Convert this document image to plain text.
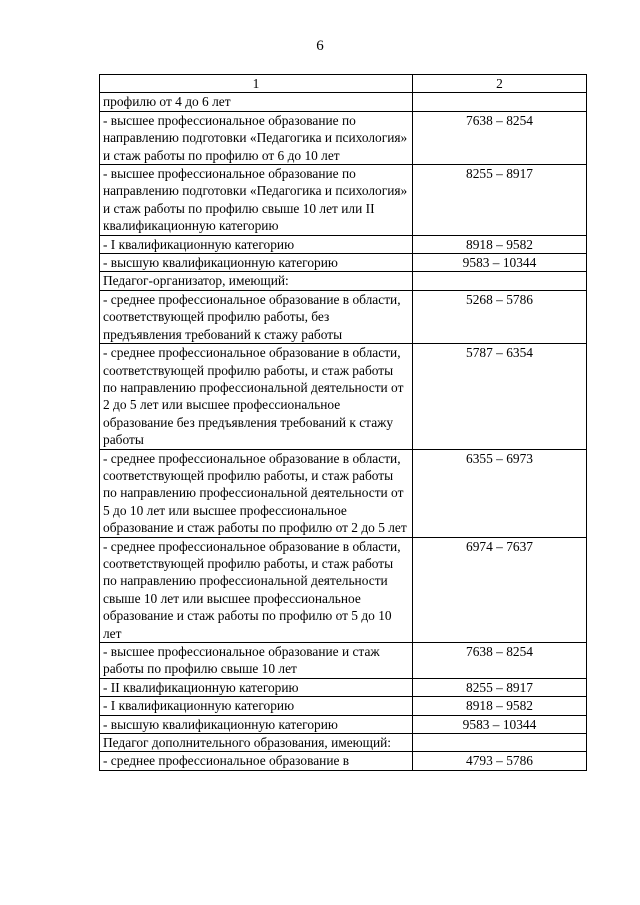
6
1	2
профилю от 4 до 6 лет	
- высшее профессиональное образование по направлению подготовки «Педагогика и психология» и стаж работы по профилю от 6 до 10 лет	7638 – 8254
- высшее профессиональное образование по направлению подготовки «Педагогика и психология» и стаж работы по профилю свыше 10 лет или II квалификационную категорию	8255 – 8917
- I квалификационную категорию	8918 – 9582
- высшую квалификационную категорию	9583 – 10344
Педагог-организатор, имеющий:	
- среднее профессиональное образование в области, соответствующей профилю работы, без предъявления требований к стажу работы	5268 – 5786
- среднее профессиональное образование в области, соответствующей профилю работы, и стаж работы по направлению профессиональной деятельности от 2 до 5 лет или высшее профессиональное образование без предъявления требований к стажу работы	5787 – 6354
- среднее профессиональное образование в области, соответствующей профилю работы, и стаж работы по направлению профессиональной деятельности от 5 до 10 лет или высшее профессиональное образование и стаж работы по профилю от 2 до 5 лет	6355 – 6973
- среднее профессиональное образование в области, соответствующей профилю работы, и стаж работы по направлению профессиональной деятельности свыше 10 лет или высшее профессиональное образование и стаж работы по профилю от 5 до 10 лет	6974 – 7637
- высшее профессиональное образование и стаж работы по профилю свыше 10 лет	7638 – 8254
- II квалификационную категорию	8255 – 8917
- I квалификационную категорию	8918 – 9582
- высшую квалификационную категорию	9583 – 10344
Педагог дополнительного образования, имеющий:	
- среднее профессиональное образование в	4793 – 5786
